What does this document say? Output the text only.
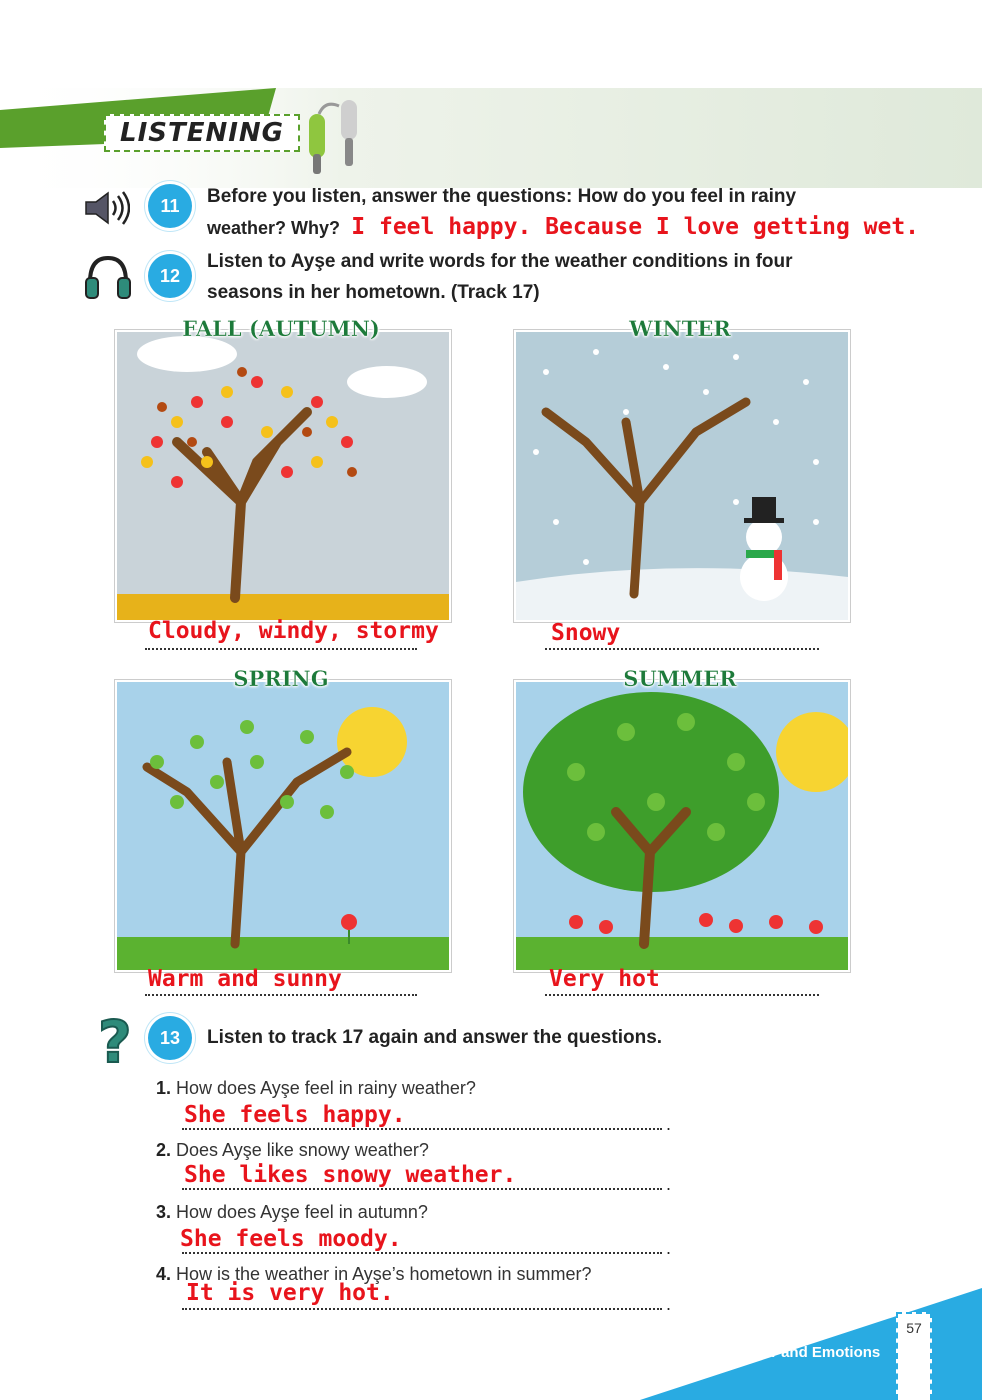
LISTENING
11	Before you listen, answer the questions: How do you feel in rainy
weather? Why? I feel happy. Because I love getting wet.
12
Listen to Ayşe and write words for the weather conditions in four
seasons in her hometown. (Track 17)
FALL (AUTUMN)
Cloudy, windy, stormy
WINTER
Snowy
SPRING
Warm and sunny
SUMMER
Very hot
?	13	Listen to track 17 again and answer the questions.
1. How does Ayşe feel in rainy weather?
She feels happy.	.
2. Does Ayşe like snowy weather?
She likes snowy weather.	.
3. How does Ayşe feel in autumn?
She feels moody.	.
4. How is the weather in Ayşe’s hometown in summer?
It is very hot.	.
57
Weather and Emotions
